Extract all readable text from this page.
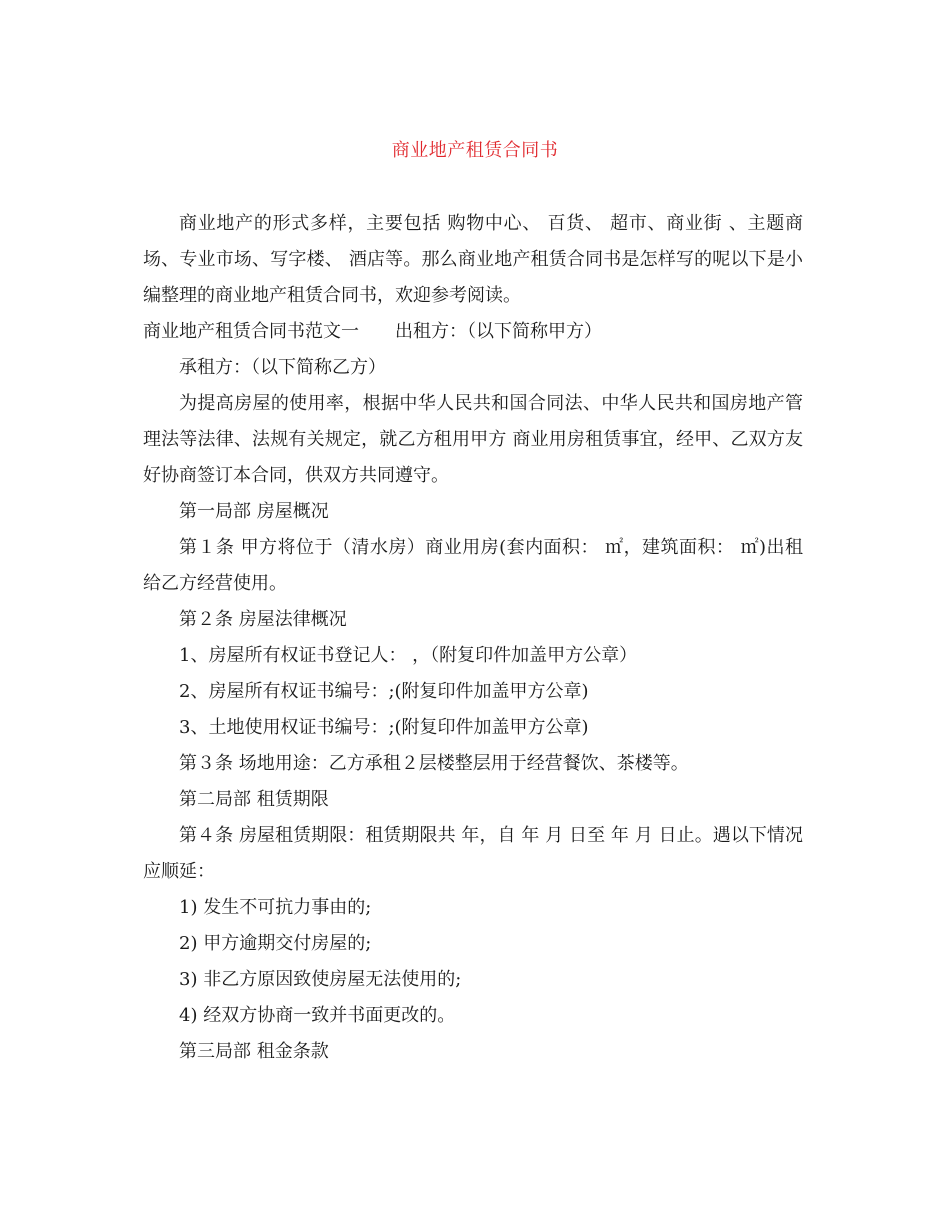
商业地产租赁合同书

商业地产的形式多样，主要包括 购物中心、 百货、 超市、商业街 、主题商场、专业市场、写字楼、 酒店等。那么商业地产租赁合同书是怎样写的呢以下是小编整理的商业地产租赁合同书，欢迎参考阅读。

商业地产租赁合同书范文一 出租方：（以下简称甲方）

承租方：（以下简称乙方）

为提高房屋的使用率，根据中华人民共和国合同法、中华人民共和国房地产管理法等法律、法规有关规定，就乙方租用甲方 商业用房租赁事宜，经甲、乙双方友好协商签订本合同，供双方共同遵守。

第一局部 房屋概况

第１条 甲方将位于（清水房）商业用房(套内面积： ㎡，建筑面积： ㎡)出租给乙方经营使用。

第２条 房屋法律概况

1、房屋所有权证书登记人： ，（附复印件加盖甲方公章）

2、房屋所有权证书编号：;(附复印件加盖甲方公章)

3、土地使用权证书编号：;(附复印件加盖甲方公章)

第３条 场地用途：乙方承租２层楼整层用于经营餐饮、茶楼等。

第二局部 租赁期限

第４条 房屋租赁期限：租赁期限共 年，自 年 月 日至 年 月 日止。遇以下情况应顺延：

1) 发生不可抗力事由的;

2) 甲方逾期交付房屋的;

3) 非乙方原因致使房屋无法使用的;

4) 经双方协商一致并书面更改的。

第三局部 租金条款
